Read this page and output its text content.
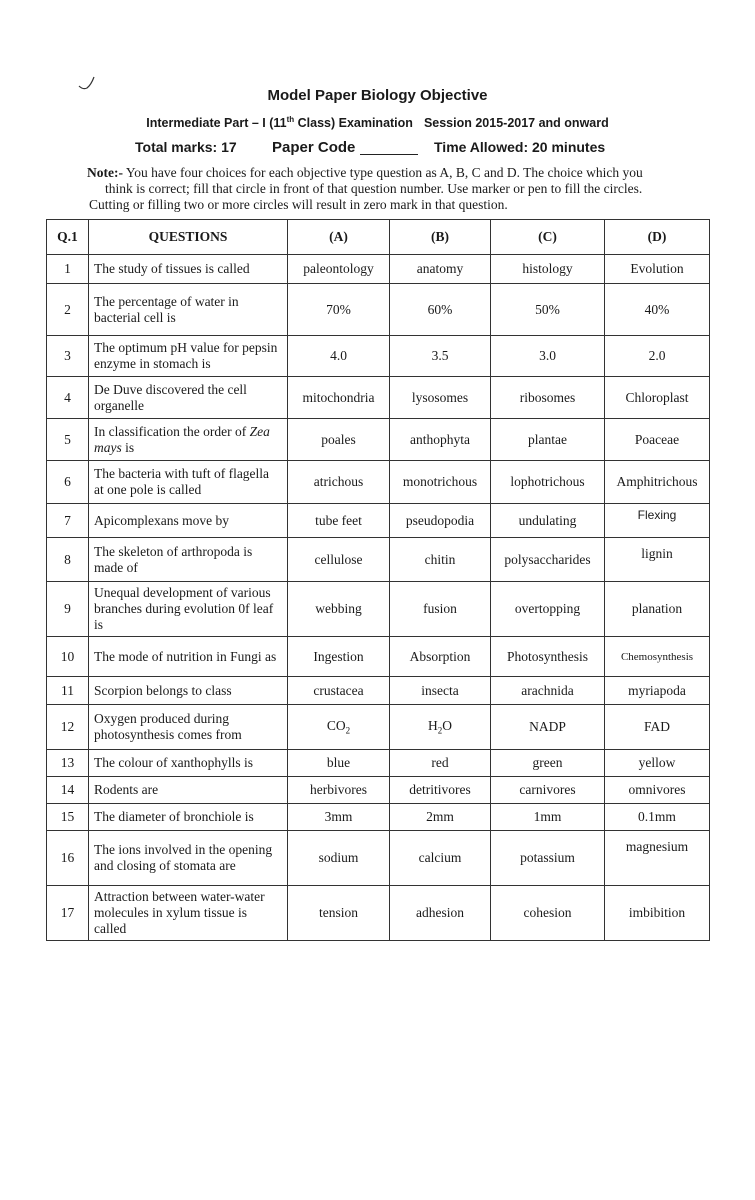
Model Paper Biology Objective
Intermediate Part – I (11th Class) Examination Session 2015-2017 and onward
Total marks: 17 Paper Code	Time Allowed: 20 minutes
Note:- You have four choices for each objective type question as A, B, C and D. The choice which you
think is correct; fill that circle in front of that question number. Use marker or pen to fill the circles.
Cutting or filling two or more circles will result in zero mark in that question.
Q.1	QUESTIONS	(A)	(B)	(C)	(D)
1	The study of tissues is called	paleontology	anatomy	histology	Evolution
2	The percentage of water in bacterial cell is	70%	60%	50%	40%
3	The optimum pH value for pepsin enzyme in stomach is	4.0	3.5	3.0	2.0
4	De Duve discovered the cell organelle	mitochondria	lysosomes	ribosomes	Chloroplast
5	In classification the order of Zea mays is	poales	anthophyta	plantae	Poaceae
6	The bacteria with tuft of flagella at one pole is called	atrichous	monotrichous	lophotrichous	Amphitrichous
7	Apicomplexans move by	tube feet	pseudopodia	undulating	Flexing
8	The skeleton of arthropoda is made of	cellulose	chitin	polysaccharides	lignin
9	Unequal development of various branches during evolution 0f leaf is	webbing	fusion	overtopping	planation
10	The mode of nutrition in Fungi as	Ingestion	Absorption	Photosynthesis	Chemosynthesis
11	Scorpion belongs to class	crustacea	insecta	arachnida	myriapoda
12	Oxygen produced during photosynthesis comes from	$CO_2$	$H_2O$	NADP	FAD
13	The colour of xanthophylls is	blue	red	green	yellow
14	Rodents are	herbivores	detritivores	carnivores	omnivores
15	The diameter of bronchiole is	3mm	2mm	1mm	0.1mm
16	The ions involved in the opening and closing of stomata are	sodium	calcium	potassium	magnesium
17	Attraction between water-water molecules in xylum tissue is called	tension	adhesion	cohesion	imbibition
